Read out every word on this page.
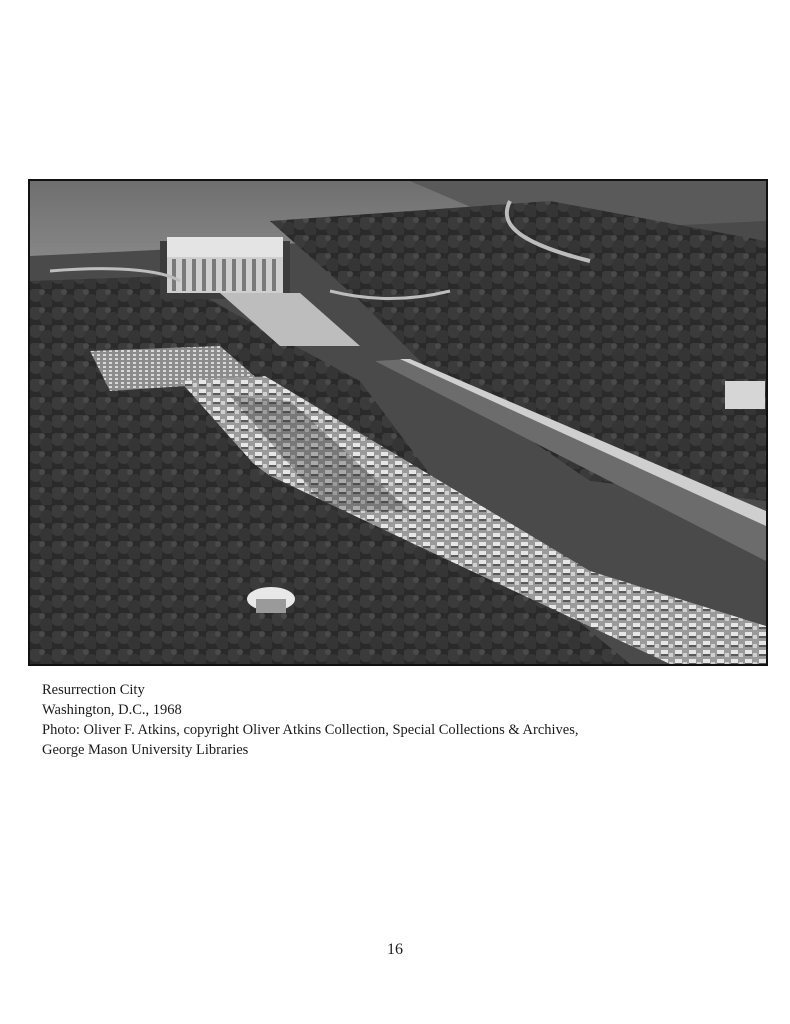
Resurrection City
Washington, D.C., 1968
Photo: Oliver F. Atkins, copyright Oliver Atkins Collection, Special Collections & Archives,
George Mason University Libraries
16
